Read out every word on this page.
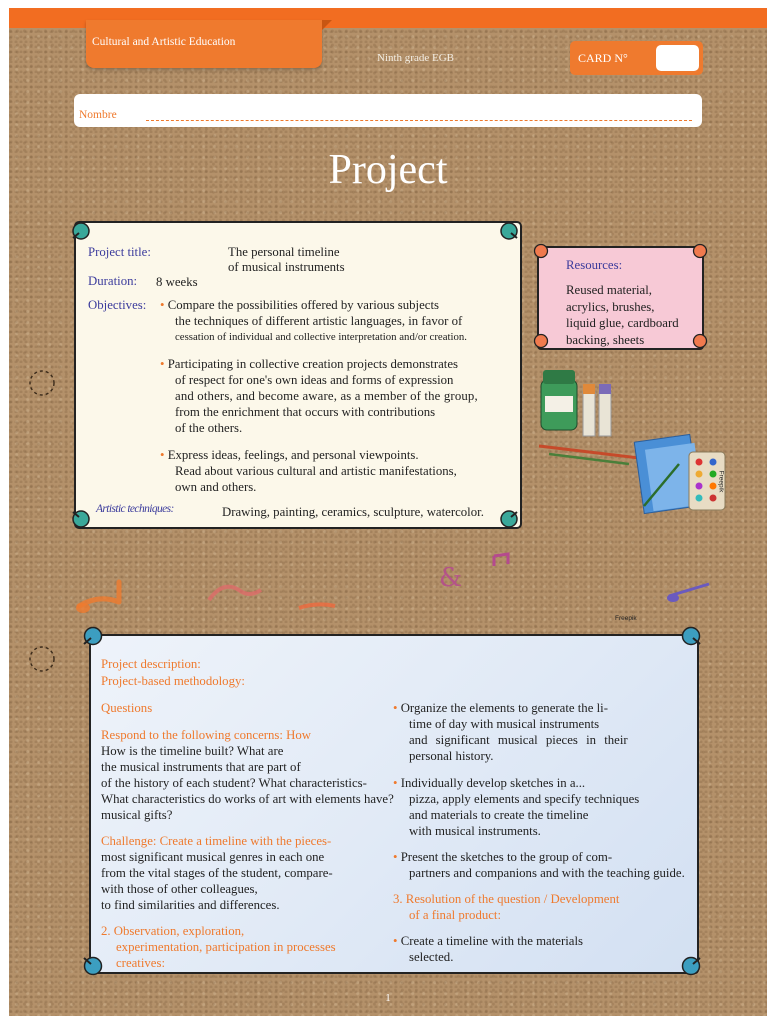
Cultural and Artistic Education
Ninth grade EGB	CARD N°
Nombre
Project
Project title:	The personal timeline
of musical instruments
Duration: 8 weeks
Objectives: • Compare the possibilities offered by various subjects
the techniques of different artistic languages, in favor of
cessation of individual and collective interpretation and/or creation.
• Participating in collective creation projects demonstrates
of respect for one's own ideas and forms of expression
and others, and become aware, as a member of the group,
from the enrichment that occurs with contributions
of the others.
• Express ideas, feelings, and personal viewpoints.
Read about various cultural and artistic manifestations,
own and others.
Artistic techniques:	Drawing, painting, ceramics, sculpture, watercolor.
Resources:
Reused material,
acrylics, brushes,
liquid glue, cardboard
backing, sheets
Freepik
&
Freepik
Project description:
Project-based methodology:
Questions
Respond to the following concerns: How
How is the timeline built? What are
the musical instruments that are part of
of the history of each student? What characteristics-
What characteristics do works of art with elements have?
musical gifts?
Challenge: Create a timeline with the pieces-
most significant musical genres in each one
from the vital stages of the student, compare-
with those of other colleagues,
to find similarities and differences.
2. Observation, exploration,
experimentation, participation in processes
creatives:
• Organize the elements to generate the li-
time of day with musical instruments
and significant musical pieces in their
personal history.
• Individually develop sketches in a...
pizza, apply elements and specify techniques
and materials to create the timeline
with musical instruments.
• Present the sketches to the group of com-
partners and companions and with the teaching guide.
3. Resolution of the question / Development
of a final product:
• Create a timeline with the materials
selected.
1
